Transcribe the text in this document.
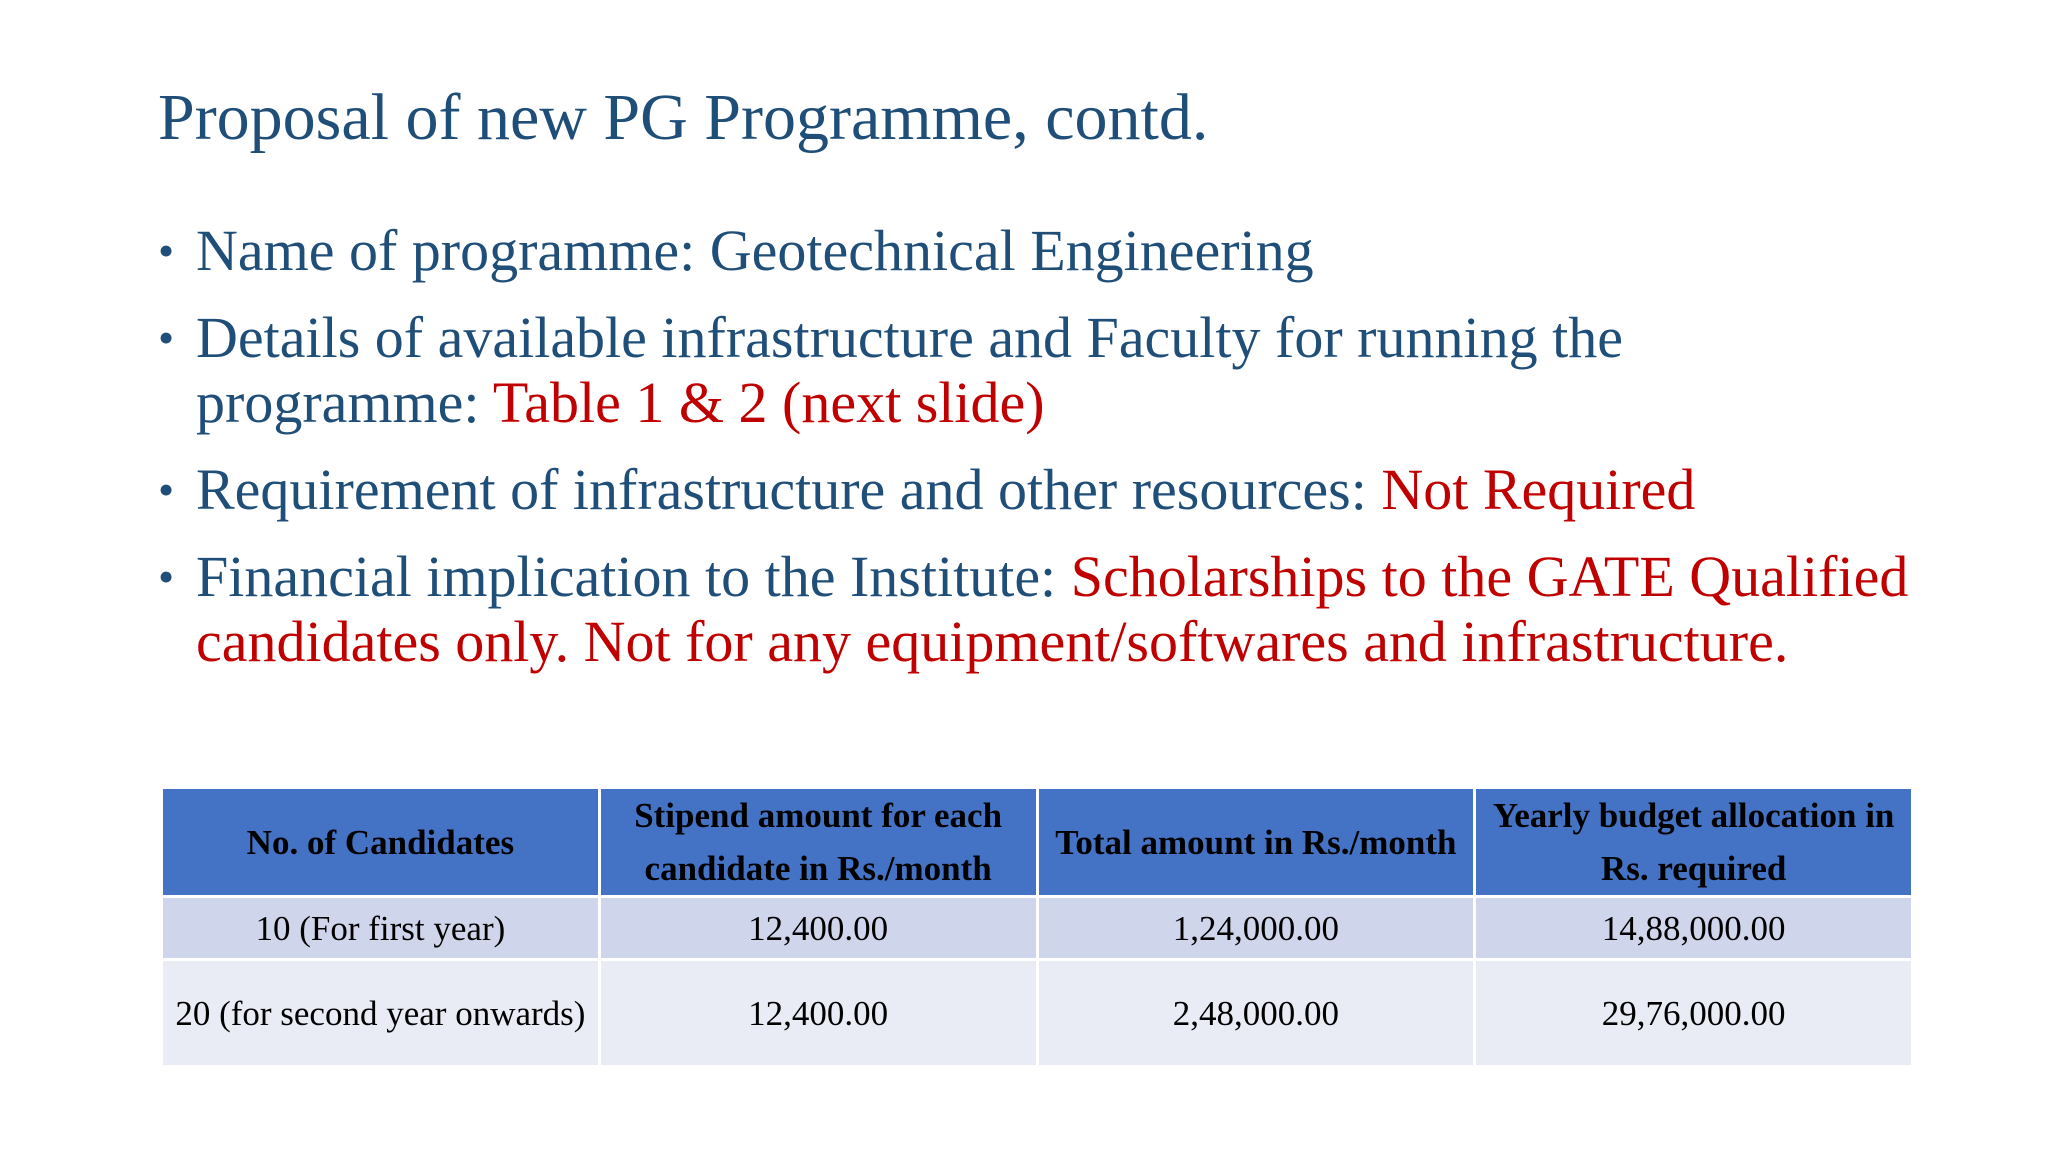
Proposal of new PG Programme, contd.
• Name of programme: Geotechnical Engineering
• Details of available infrastructure and Faculty for running the programme: Table 1 & 2 (next slide)
• Requirement of infrastructure and other resources: Not Required
• Financial implication to the Institute: Scholarships to the GATE Qualified candidates only. Not for any equipment/softwares and infrastructure.
No. of Candidates	Stipend amount for each candidate in Rs./month	Total amount in Rs./month	Yearly budget allocation in Rs. required
10 (For first year)	12,400.00	1,24,000.00	14,88,000.00
20 (for second year onwards)	12,400.00	2,48,000.00	29,76,000.00
